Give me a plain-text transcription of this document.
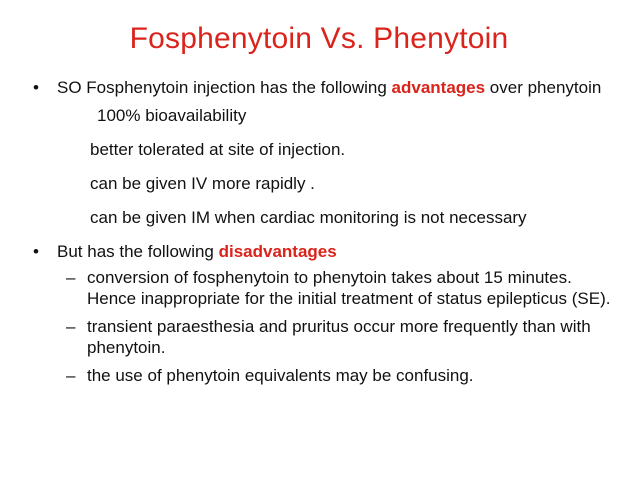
Fosphenytoin Vs. Phenytoin
• SO Fosphenytoin injection has the following advantages over phenytoin
100% bioavailability
better tolerated at site of injection.
can be given IV more rapidly .
can be given IM when cardiac monitoring is not necessary
• But has the following disadvantages
– conversion of fosphenytoin to phenytoin takes about 15 minutes. Hence inappropriate for the initial treatment of status epilepticus (SE).
– transient paraesthesia and pruritus occur more frequently than with phenytoin.
– the use of phenytoin equivalents may be confusing.
